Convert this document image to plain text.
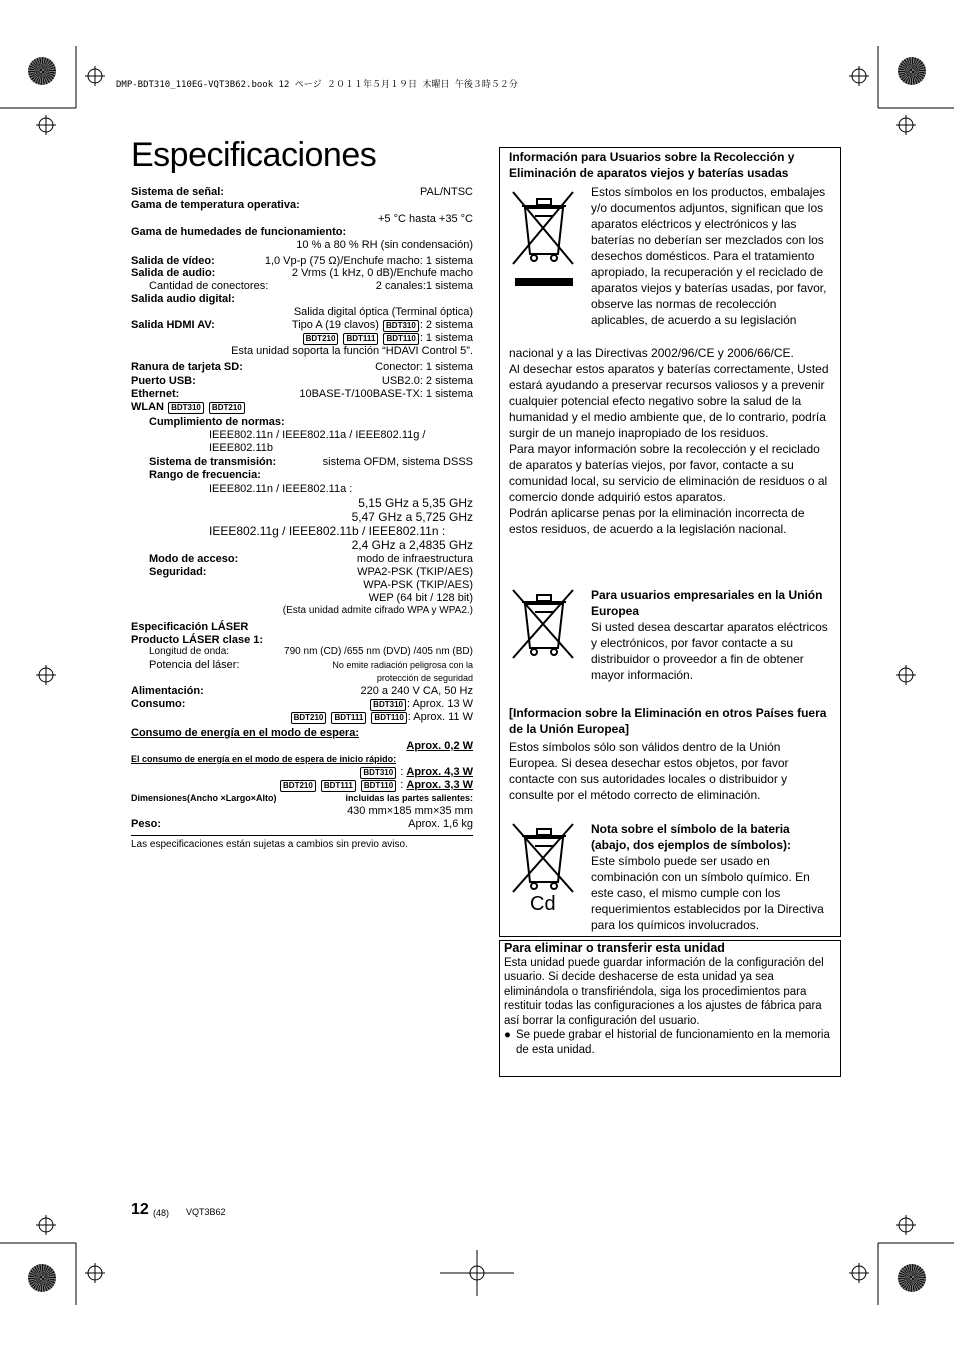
DMP-BDT310_110EG-VQT3B62.book 12 ページ ２０１１年５月１９日 木曜日 午後３時５２分
Especificaciones
Sistema de señal:	PAL/NTSC
Gama de temperatura operativa:
+5 °C hasta +35 °C
Gama de humedades de funcionamiento:
10 % a 80 % RH (sin condensación)
Salida de vídeo:	1,0 Vp-p (75 Ω)/Enchufe macho: 1 sistema
Salida de audio:	2 Vrms (1 kHz, 0 dB)/Enchufe macho
Cantidad de conectores:	2 canales:1 sistema
Salida audio digital:
Salida digital óptica (Terminal óptica)
Salida HDMI AV:	Tipo A (19 clavos) BDT310 : 2 sistema
BDT210 BDT111 BDT110 : 1 sistema
Esta unidad soporta la función “HDAVI Control 5”.
Ranura de tarjeta SD:	Conector: 1 sistema
Puerto USB:	USB2.0: 2 sistema
Ethernet:	10BASE-T/100BASE-TX: 1 sistema
WLAN BDT310 BDT210
Cumplimiento de normas:
IEEE802.11n / IEEE802.11a / IEEE802.11g /
IEEE802.11b
Sistema de transmisión:	sistema OFDM, sistema DSSS
Rango de frecuencia:
IEEE802.11n / IEEE802.11a :
5,15 GHz a 5,35 GHz
5,47 GHz a 5,725 GHz
IEEE802.11g / IEEE802.11b / IEEE802.11n :
2,4 GHz a 2,4835 GHz
Modo de acceso:	modo de infraestructura
Seguridad:	WPA2-PSK (TKIP/AES)
WPA-PSK (TKIP/AES)
WEP (64 bit / 128 bit)
(Esta unidad admite cifrado WPA y WPA2.)
Especificación LÁSER
Producto LÁSER clase 1:
Longitud de onda:	790 nm (CD) /655 nm (DVD) /405 nm (BD)
Potencia del láser:	No emite radiación peligrosa con la
protección de seguridad
Alimentación:	220 a 240 V CA, 50 Hz
Consumo:	BDT310 : Aprox. 13 W
BDT210 BDT111 BDT110 : Aprox. 11 W
Consumo de energía en el modo de espera:
Aprox. 0,2 W
El consumo de energía en el modo de espera de inicio rápido:
BDT310 : Aprox. 4,3 W
BDT210 BDT111 BDT110 : Aprox. 3,3 W
Dimensiones(Ancho ×Largo×Alto)	incluidas las partes salientes:
430 mm×185 mm×35 mm
Peso:	Aprox. 1,6 kg
Las especificaciones están sujetas a cambios sin previo aviso.
Información para Usuarios sobre la Recolección y Eliminación de aparatos viejos y baterías usadas
Estos símbolos en los productos, embalajes y/o documentos adjuntos, significan que los aparatos eléctricos y electrónicos y las baterías no deberían ser mezclados con los desechos domésticos. Para el tratamiento apropiado, la recuperación y el reciclado de aparatos viejos y baterías usadas, por favor, observe las normas de recolección aplicables, de acuerdo a su legislación
nacional y a las Directivas 2002/96/CE y 2006/66/CE.
Al desechar estos aparatos y baterías correctamente, Usted estará ayudando a preservar recursos valiosos y a prevenir cualquier potencial efecto negativo sobre la salud de la humanidad y el medio ambiente que, de lo contrario, podría surgir de un manejo inapropiado de los residuos.
Para mayor información sobre la recolección y el reciclado de aparatos y baterías viejos, por favor, contacte a su comunidad local, su servicio de eliminación de residuos o al comercio donde adquirió estos aparatos.
Podrán aplicarse penas por la eliminación incorrecta de estos residuos, de acuerdo a la legislación nacional.
Para usuarios empresariales en la Unión Europea
Si usted desea descartar aparatos eléctricos y electrónicos, por favor contacte a su distribuidor o proveedor a fin de obtener mayor información.
[Informacion sobre la Eliminación en otros Países fuera de la Unión Europea]
Estos símbolos sólo son válidos dentro de la Unión Europea. Si desea desechar estos objetos, por favor contacte con sus autoridades locales o distribuidor y consulte por el método correcto de eliminación.
Cd
Nota sobre el símbolo de la bateria (abajo, dos ejemplos de símbolos):
Este símbolo puede ser usado en combinación con un símbolo químico. En este caso, el mismo cumple con los requerimientos establecidos por la Directiva para los químicos involucrados.
Para eliminar o transferir esta unidad
Esta unidad puede guardar información de la configuración del usuario. Si decide deshacerse de esta unidad ya sea eliminándola o transfiriéndola, siga los procedimientos para restituir todas las configuraciones a los ajustes de fábrica para así borrar la configuración del usuario.
● Se puede grabar el historial de funcionamiento en la memoria de esta unidad.
12 (48) VQT3B62
